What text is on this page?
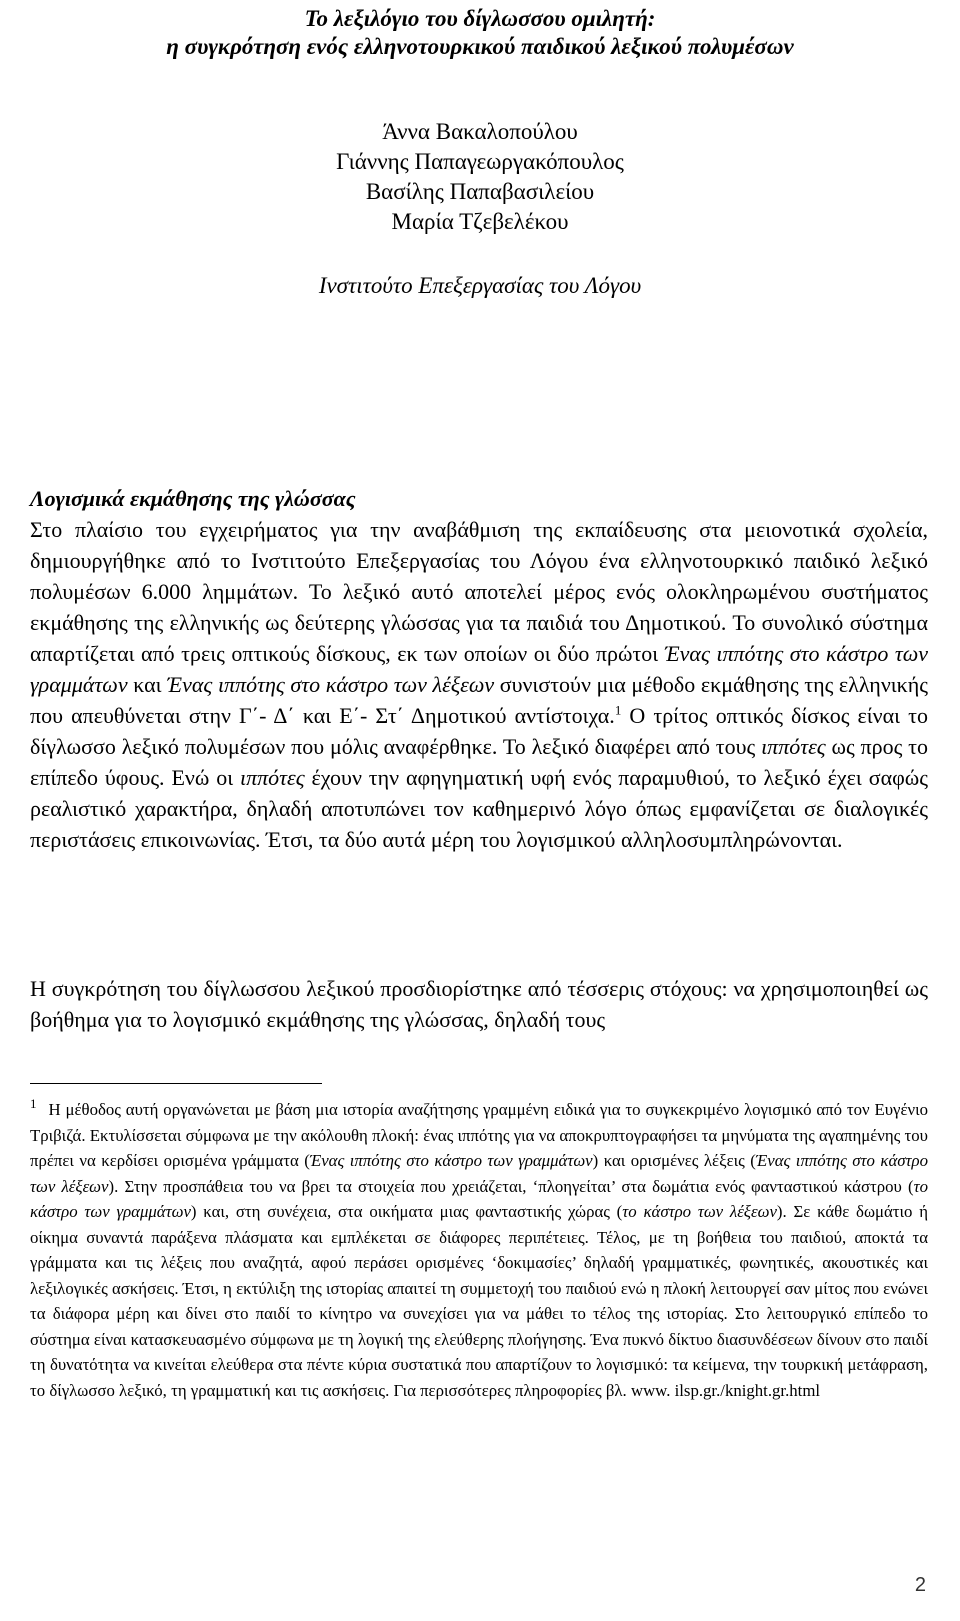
Το λεξιλόγιο του δίγλωσσου ομιλητή:
η συγκρότηση ενός ελληνοτουρκικού παιδικού λεξικού πολυμέσων
Άννα Βακαλοπούλου
Γιάννης Παπαγεωργακόπουλος
Βασίλης Παπαβασιλείου
Μαρία Τζεβελέκου
Ινστιτούτο Επεξεργασίας του Λόγου
Λογισμικά εκμάθησης της γλώσσας
Στο πλαίσιο του εγχειρήματος για την αναβάθμιση της εκπαίδευσης στα μειονοτικά σχολεία, δημιουργήθηκε από το Ινστιτούτο Επεξεργασίας του Λόγου ένα ελληνοτουρκικό παιδικό λεξικό πολυμέσων 6.000 λημμάτων. Το λεξικό αυτό αποτελεί μέρος ενός ολοκληρωμένου συστήματος εκμάθησης της ελληνικής ως δεύτερης γλώσσας για τα παιδιά του Δημοτικού. Το συνολικό σύστημα απαρτίζεται από τρεις οπτικούς δίσκους, εκ των οποίων οι δύο πρώτοι Ένας ιππότης στο κάστρο των γραμμάτων και Ένας ιππότης στο κάστρο των λέξεων συνιστούν μια μέθοδο εκμάθησης της ελληνικής που απευθύνεται στην Γ΄- Δ΄ και Ε΄- Στ΄ Δημοτικού αντίστοιχα.$^1$ Ο τρίτος οπτικός δίσκος είναι το δίγλωσσο λεξικό πολυμέσων που μόλις αναφέρθηκε. Το λεξικό διαφέρει από τους ιππότες ως προς το επίπεδο ύφους. Ενώ οι ιππότες έχουν την αφηγηματική υφή ενός παραμυθιού, το λεξικό έχει σαφώς ρεαλιστικό χαρακτήρα, δηλαδή αποτυπώνει τον καθημερινό λόγο όπως εμφανίζεται σε διαλογικές περιστάσεις επικοινωνίας. Έτσι, τα δύο αυτά μέρη του λογισμικού αλληλοσυμπληρώνονται.
Η συγκρότηση του δίγλωσσου λεξικού προσδιορίστηκε από τέσσερις στόχους: να χρησιμοποιηθεί ως βοήθημα για το λογισμικό εκμάθησης της γλώσσας, δηλαδή τους
$^1$ Η μέθοδος αυτή οργανώνεται με βάση μια ιστορία αναζήτησης γραμμένη ειδικά για το συγκεκριμένο λογισμικό από τον Ευγένιο Τριβιζά. Εκτυλίσσεται σύμφωνα με την ακόλουθη πλοκή: ένας ιππότης για να αποκρυπτογραφήσει τα μηνύματα της αγαπημένης του πρέπει να κερδίσει ορισμένα γράμματα (Ένας ιππότης στο κάστρο των γραμμάτων) και ορισμένες λέξεις (Ένας ιππότης στο κάστρο των λέξεων). Στην προσπάθεια του να βρει τα στοιχεία που χρειάζεται, ‘πλοηγείται’ στα δωμάτια ενός φανταστικού κάστρου (το κάστρο των γραμμάτων) και, στη συνέχεια, στα οικήματα μιας φανταστικής χώρας (το κάστρο των λέξεων). Σε κάθε δωμάτιο ή οίκημα συναντά παράξενα πλάσματα και εμπλέκεται σε διάφορες περιπέτειες. Τέλος, με τη βοήθεια του παιδιού, αποκτά τα γράμματα και τις λέξεις που αναζητά, αφού περάσει ορισμένες ‘δοκιμασίες’ δηλαδή γραμματικές, φωνητικές, ακουστικές και λεξιλογικές ασκήσεις. Έτσι, η εκτύλιξη της ιστορίας απαιτεί τη συμμετοχή του παιδιού ενώ η πλοκή λειτουργεί σαν μίτος που ενώνει τα διάφορα μέρη και δίνει στο παιδί το κίνητρο να συνεχίσει για να μάθει το τέλος της ιστορίας. Στο λειτουργικό επίπεδο το σύστημα είναι κατασκευασμένο σύμφωνα με τη λογική της ελεύθερης πλοήγησης. Ένα πυκνό δίκτυο διασυνδέσεων δίνουν στο παιδί τη δυνατότητα να κινείται ελεύθερα στα πέντε κύρια συστατικά που απαρτίζουν το λογισμικό: τα κείμενα, την τουρκική μετάφραση, το δίγλωσσο λεξικό, τη γραμματική και τις ασκήσεις. Για περισσότερες πληροφορίες βλ. www. ilsp.gr./knight.gr.html
2
